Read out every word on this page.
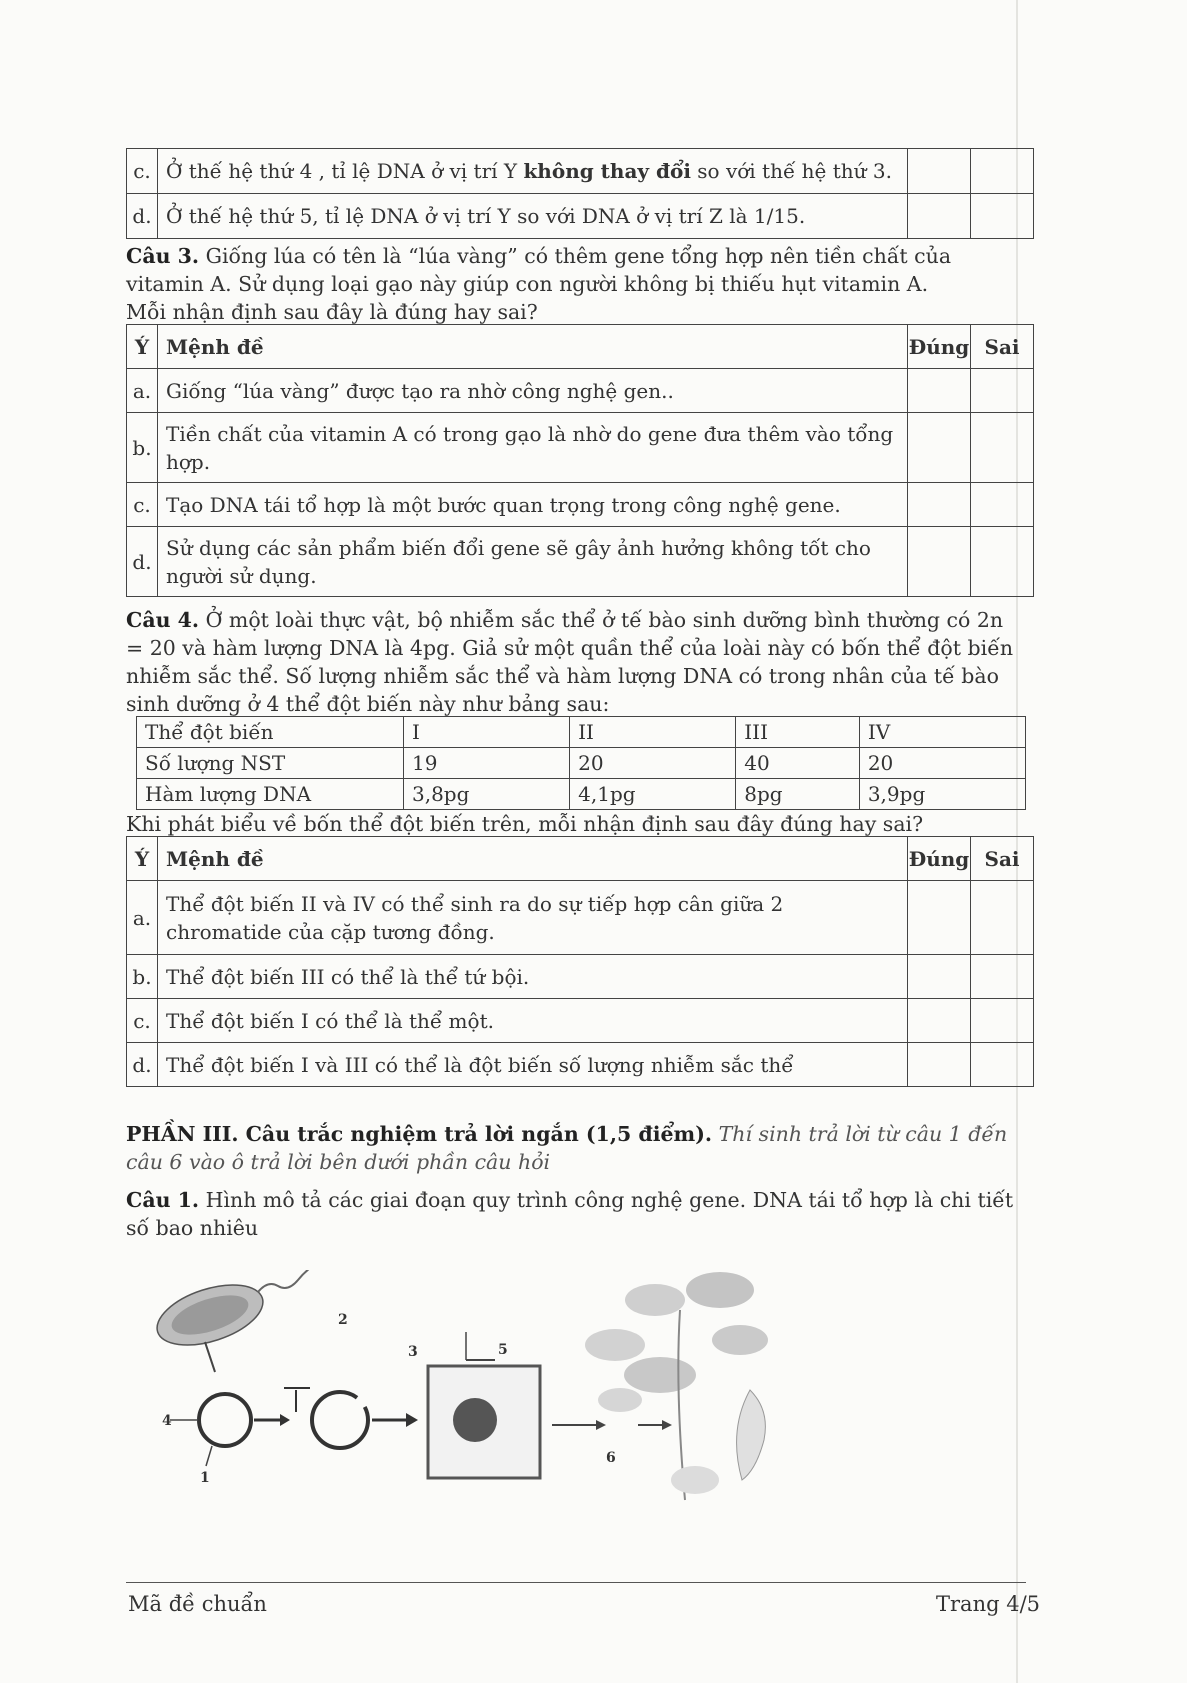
c.	Ở thế hệ thứ 4 , tỉ lệ DNA ở vị trí Y không thay đổi so với thế hệ thứ 3.		
d.	Ở thế hệ thứ 5, tỉ lệ DNA ở vị trí Y so với DNA ở vị trí Z là 1/15.		
Câu 3. Giống lúa có tên là “lúa vàng” có thêm gene tổng hợp nên tiền chất của vitamin A. Sử dụng loại gạo này giúp con người không bị thiếu hụt vitamin A.
Mỗi nhận định sau đây là đúng hay sai?
Ý	Mệnh đề	Đúng	Sai
a.	Giống “lúa vàng” được tạo ra nhờ công nghệ gen..		
b.	Tiền chất của vitamin A có trong gạo là nhờ do gene đưa thêm vào tổng hợp.		
c.	Tạo DNA tái tổ hợp là một bước quan trọng trong công nghệ gene.		
d.	Sử dụng các sản phẩm biến đổi gene sẽ gây ảnh hưởng không tốt cho người sử dụng.		
Câu 4. Ở một loài thực vật, bộ nhiễm sắc thể ở tế bào sinh dưỡng bình thường có 2n = 20 và hàm lượng DNA là 4pg. Giả sử một quần thể của loài này có bốn thể đột biến nhiễm sắc thể. Số lượng nhiễm sắc thể và hàm lượng DNA có trong nhân của tế bào sinh dưỡng ở 4 thể đột biến này như bảng sau:
Thể đột biến	I	II	III	IV
Số lượng NST	19	20	40	20
Hàm lượng DNA	3,8pg	4,1pg	8pg	3,9pg
Khi phát biểu về bốn thể đột biến trên, mỗi nhận định sau đây đúng hay sai?
Ý	Mệnh đề	Đúng	Sai
a.	Thể đột biến II và IV có thể sinh ra do sự tiếp hợp cân giữa 2 chromatide của cặp tương đồng.		
b.	Thể đột biến III có thể là thể tứ bội.		
c.	Thể đột biến I có thể là thể một.		
d.	Thể đột biến I và III có thể là đột biến số lượng nhiễm sắc thể		
PHẦN III. Câu trắc nghiệm trả lời ngắn (1,5 điểm). Thí sinh trả lời từ câu 1 đến câu 6 vào ô trả lời bên dưới phần câu hỏi
Câu 1. Hình mô tả các giai đoạn quy trình công nghệ gene. DNA tái tổ hợp là chi tiết số bao nhiêu
4
1
2
3	5
6
Mã đề chuẩn	Trang 4/5
